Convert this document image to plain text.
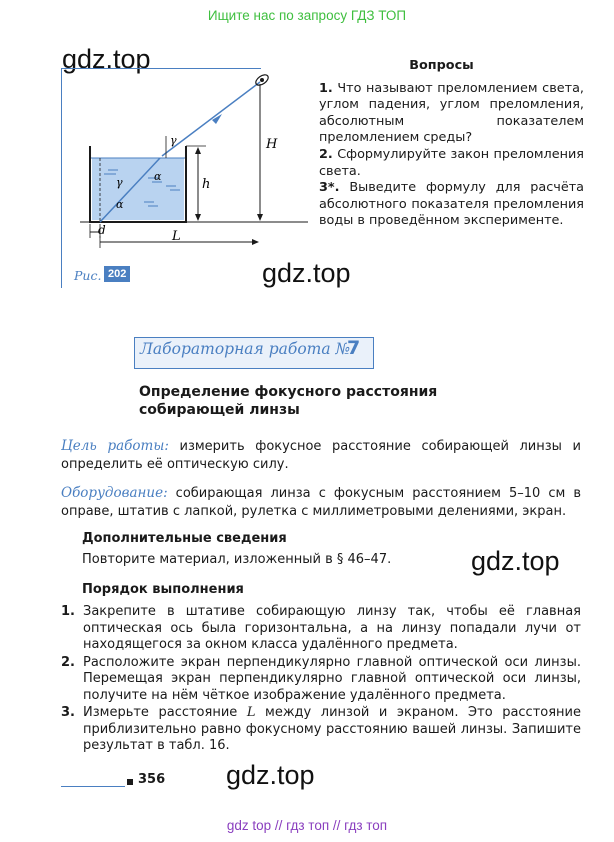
Ищите нас по запросу ГДЗ ТОП
gdz.top
gdz.top
gdz.top
gdz.top
γ
α
γ
α
H
h
d	L
Рис. 202
Вопросы

1. Что называют преломлением света, углом падения, углом преломления, абсолютным показателем преломлением среды?

2. Сформулируйте закон преломления света.

3*. Выведите формулу для расчёта абсолютного показателя преломления воды в проведённом эксперименте.

Лабораторная работа №
7
Определение фокусного расстояния
собирающей линзы
Цель работы: измерить фокусное расстояние собирающей линзы и определить её оптическую силу.
Оборудование: собирающая линза с фокусным расстоянием 5–10 см в оправе, штатив с лапкой, рулетка с миллиметровыми делениями, экран.
Дополнительные сведения
Повторите материал, изложенный в § 46–47.
Порядок выполнения
1. Закрепите в штативе собирающую линзу так, чтобы её главная оптическая ось была горизонтальна, а на линзу попадали лучи от находящегося за окном класса удалённого предмета.
2. Расположите экран перпендикулярно главной оптической оси линзы. Перемещая экран перпендикулярно главной оптической оси линзы, получите на нём чёткое изображение удалённого предмета.
3. Измерьте расстояние L между линзой и экраном. Это расстояние приблизительно равно фокусному расстоянию вашей линзы. Запишите результат в табл. 16.
356
gdz top // гдз топ // гдз топ
